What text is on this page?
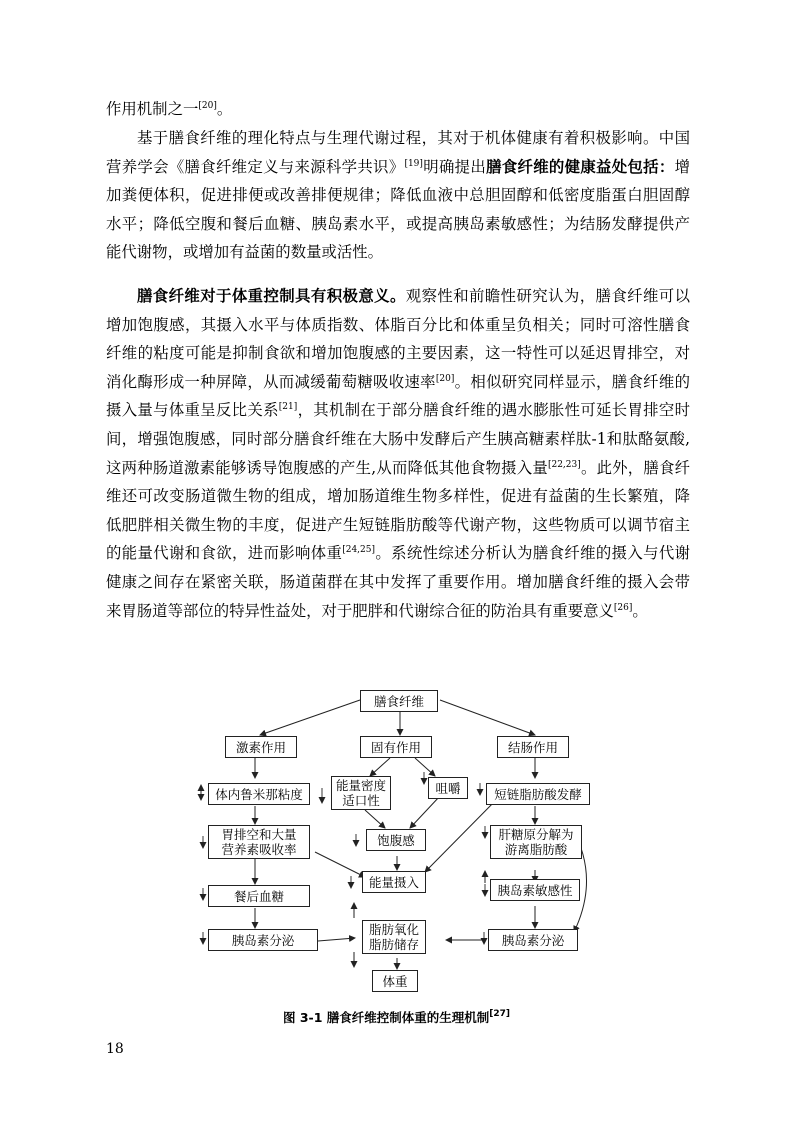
作用机制之一[20]。

基于膳食纤维的理化特点与生理代谢过程，其对于机体健康有着积极影响。中国营养学会《膳食纤维定义与来源科学共识》[19]明确提出膳食纤维的健康益处包括：增加粪便体积，促进排便或改善排便规律；降低血液中总胆固醇和低密度脂蛋白胆固醇水平；降低空腹和餐后血糖、胰岛素水平，或提高胰岛素敏感性；为结肠发酵提供产能代谢物，或增加有益菌的数量或活性。

膳食纤维对于体重控制具有积极意义。观察性和前瞻性研究认为，膳食纤维可以增加饱腹感，其摄入水平与体质指数、体脂百分比和体重呈负相关；同时可溶性膳食纤维的粘度可能是抑制食欲和增加饱腹感的主要因素，这一特性可以延迟胃排空，对消化酶形成一种屏障，从而减缓葡萄糖吸收速率[20]。相似研究同样显示，膳食纤维的摄入量与体重呈反比关系[21]，其机制在于部分膳食纤维的遇水膨胀性可延长胃排空时间，增强饱腹感，同时部分膳食纤维在大肠中发酵后产生胰高糖素样肽-1和肽酪氨酸,这两种肠道激素能够诱导饱腹感的产生,从而降低其他食物摄入量[22,23]。此外，膳食纤维还可改变肠道微生物的组成，增加肠道维生物多样性，促进有益菌的生长繁殖，降低肥胖相关微生物的丰度，促进产生短链脂肪酸等代谢产物，这些物质可以调节宿主的能量代谢和食欲，进而影响体重[24,25]。系统性综述分析认为膳食纤维的摄入与代谢健康之间存在紧密关联，肠道菌群在其中发挥了重要作用。增加膳食纤维的摄入会带来胃肠道等部位的特异性益处，对于肥胖和代谢综合征的防治具有重要意义[26]。

膳食纤维
激素作用	固有作用	结肠作用
体内鲁米那粘度
能量密度
适口性
咀嚼	短链脂肪酸发酵
胃排空和大量
营养素吸收率
饱腹感	肝糖原分解为
游离脂肪酸
能量摄入
餐后血糖	胰岛素敏感性
胰岛素分泌
脂肪氧化
脂肪储存	胰岛素分泌
体重
图 3-1 膳食纤维控制体重的生理机制[27]
18
